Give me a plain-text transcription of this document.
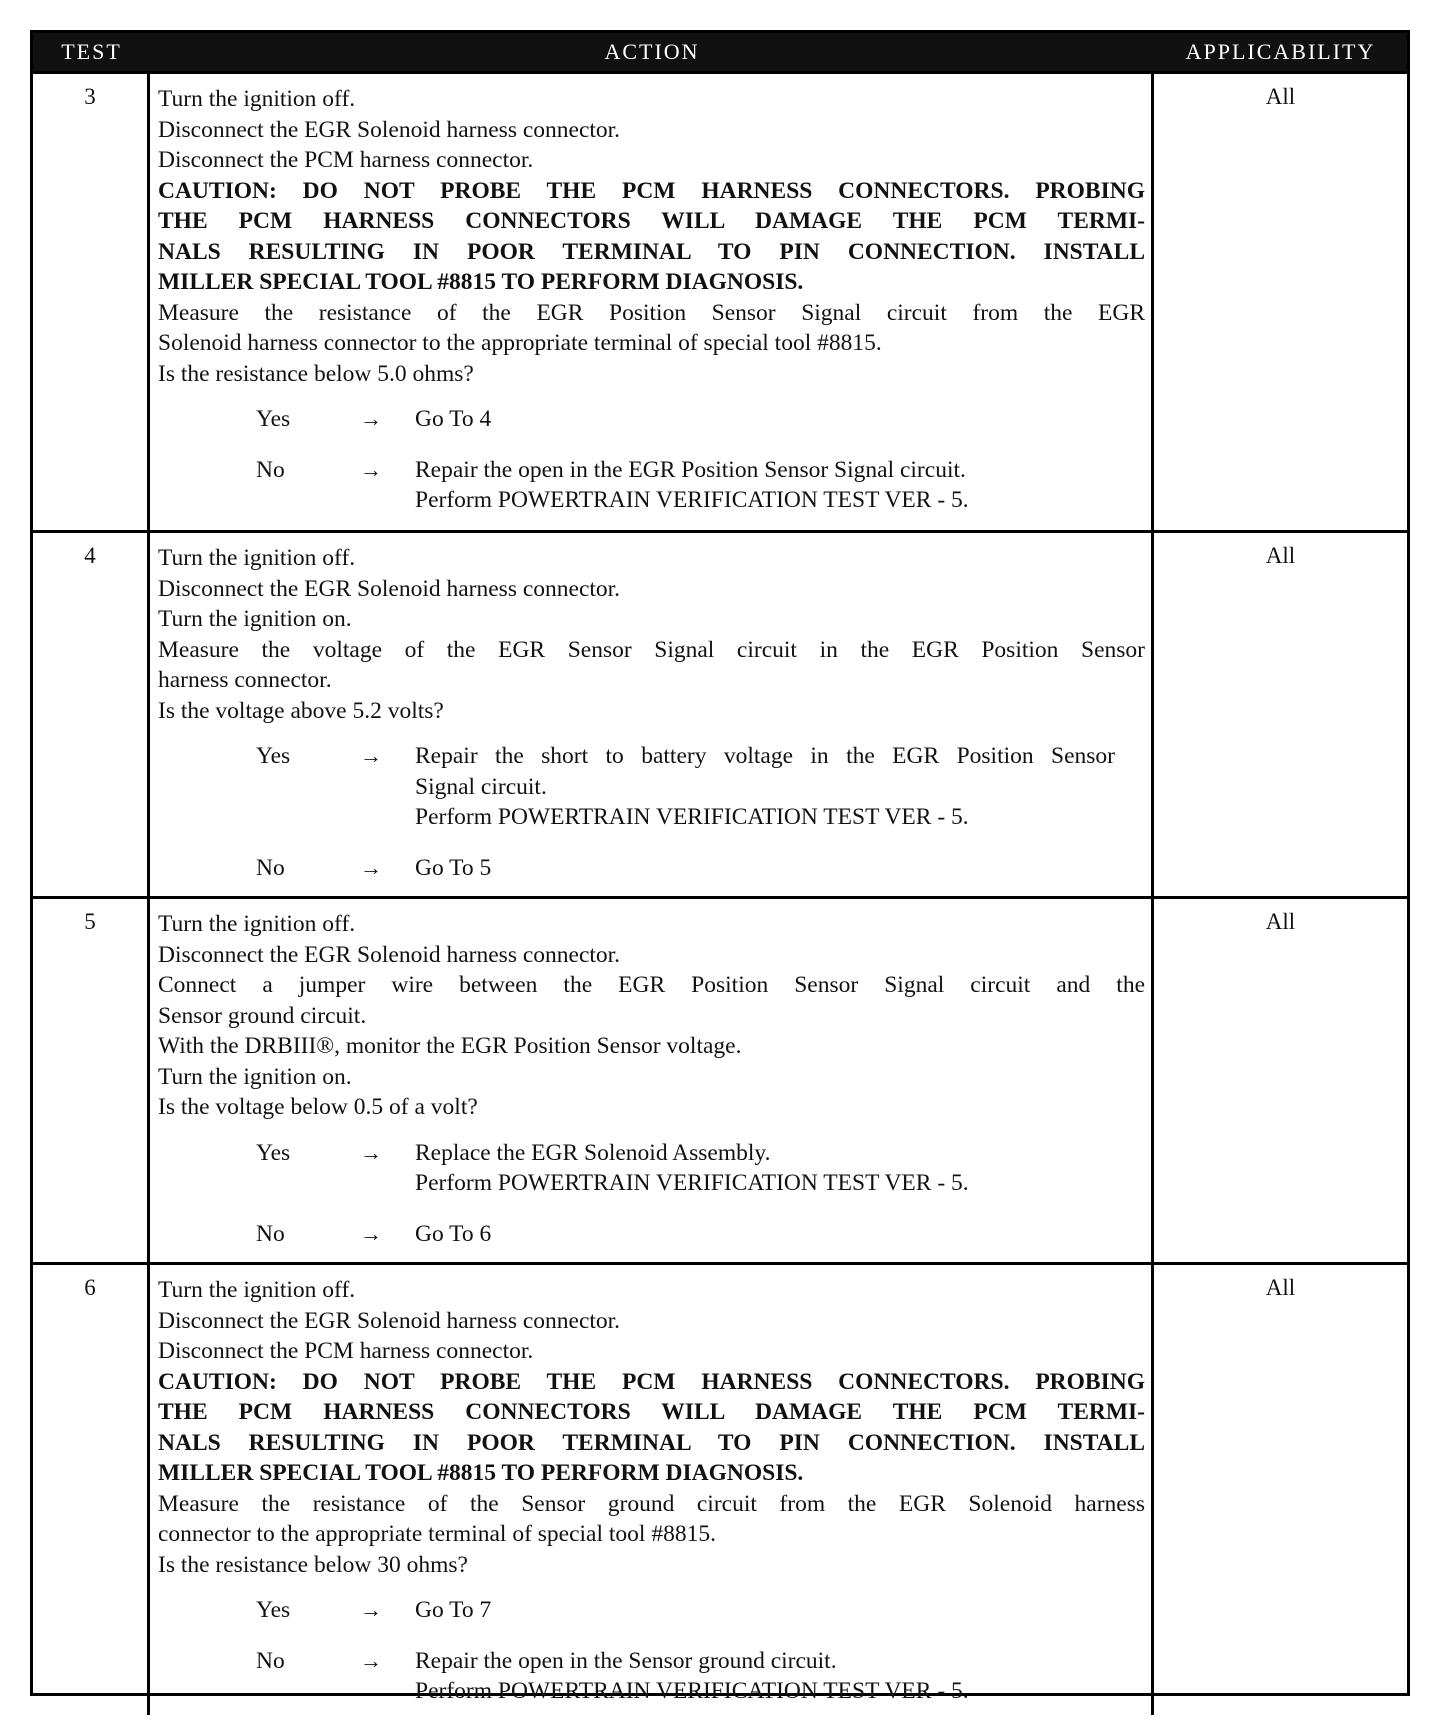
TEST	ACTION	APPLICABILITY
3	Turn the ignition off.
Disconnect the EGR Solenoid harness connector.
Disconnect the PCM harness connector.
CAUTION: DO NOT PROBE THE PCM HARNESS CONNECTORS. PROBING
THE PCM HARNESS CONNECTORS WILL DAMAGE THE PCM TERMI-
NALS RESULTING IN POOR TERMINAL TO PIN CONNECTION. INSTALL
MILLER SPECIAL TOOL #8815 TO PERFORM DIAGNOSIS.
Measure the resistance of the EGR Position Sensor Signal circuit from the EGR
Solenoid harness connector to the appropriate terminal of special tool #8815.
Is the resistance below 5.0 ohms?
Yes	→	Go To 4
No	→	Repair the open in the EGR Position Sensor Signal circuit.
Perform POWERTRAIN VERIFICATION TEST VER - 5.
All
4	Turn the ignition off.
Disconnect the EGR Solenoid harness connector.
Turn the ignition on.
Measure the voltage of the EGR Sensor Signal circuit in the EGR Position Sensor
harness connector.
Is the voltage above 5.2 volts?
Yes	→	Repair the short to battery voltage in the EGR Position Sensor
Signal circuit.
Perform POWERTRAIN VERIFICATION TEST VER - 5.
No	→	Go To 5
All
5	Turn the ignition off.
Disconnect the EGR Solenoid harness connector.
Connect a jumper wire between the EGR Position Sensor Signal circuit and the
Sensor ground circuit.
With the DRBIII®, monitor the EGR Position Sensor voltage.
Turn the ignition on.
Is the voltage below 0.5 of a volt?
Yes	→	Replace the EGR Solenoid Assembly.
Perform POWERTRAIN VERIFICATION TEST VER - 5.
No	→	Go To 6
All
6	Turn the ignition off.
Disconnect the EGR Solenoid harness connector.
Disconnect the PCM harness connector.
CAUTION: DO NOT PROBE THE PCM HARNESS CONNECTORS. PROBING
THE PCM HARNESS CONNECTORS WILL DAMAGE THE PCM TERMI-
NALS RESULTING IN POOR TERMINAL TO PIN CONNECTION. INSTALL
MILLER SPECIAL TOOL #8815 TO PERFORM DIAGNOSIS.
Measure the resistance of the Sensor ground circuit from the EGR Solenoid harness
connector to the appropriate terminal of special tool #8815.
Is the resistance below 30 ohms?
Yes	→	Go To 7
No	→	Repair the open in the Sensor ground circuit.
Perform POWERTRAIN VERIFICATION TEST VER - 5.
All
